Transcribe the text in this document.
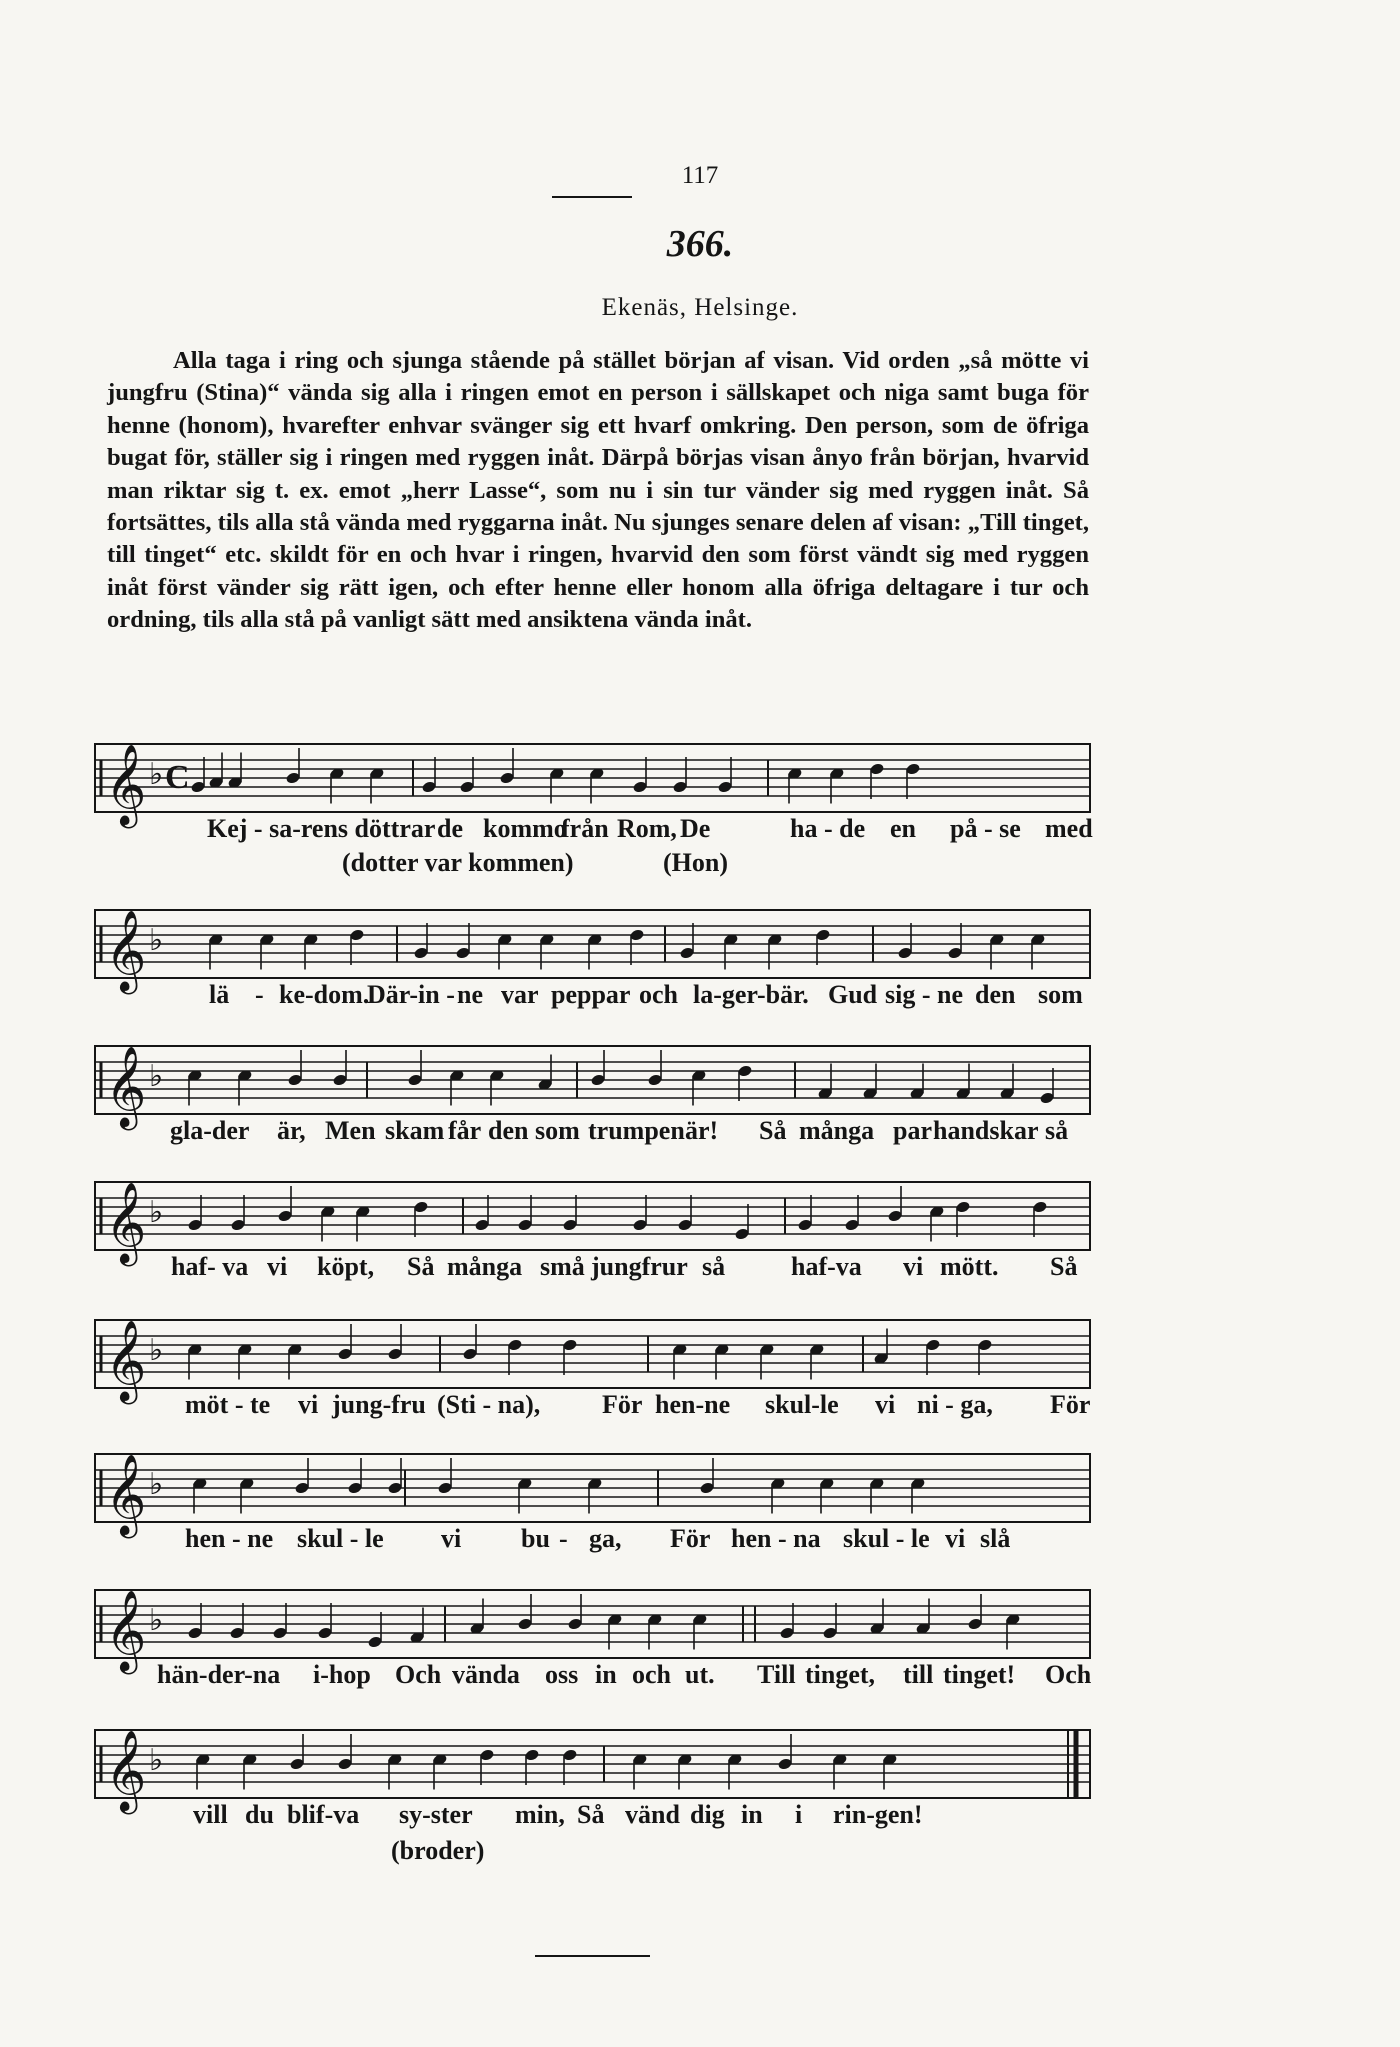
117
366.
Ekenäs, Helsinge.

Alla taga i ring och sjunga stående på stället början af visan. Vid orden „så mötte vi jungfru (Stina)“ vända sig alla i ringen emot en person i sällskapet och niga samt buga för henne (honom), hvarefter enhvar svänger sig ett hvarf omkring. Den person, som de öfriga bugat för, ställer sig i ringen med ryggen inåt. Därpå börjas visan ånyo från början, hvarvid man riktar sig t. ex. emot „herr Lasse“, som nu i sin tur vänder sig med ryggen inåt. Så fortsättes, tils alla stå vända med ryggarna inåt. Nu sjunges senare delen af visan: „Till tinget, till tinget“ etc. skildt för en och hvar i ringen, hvarvid den som först vändt sig med ryggen inåt först vänder sig rätt igen, och efter henne eller honom alla öfriga deltagare i tur och ordning, tils alla stå på vanligt sätt med ansiktena vända inåt.

𝄞 ♭ C
Kej - sa-rens döttrar de kommo
från Rom, De	ha - de en på - se med
(dotter var kommen)	(Hon)
𝄞 ♭
lä - ke-dom.
Där-in - ne var peppar och la-ger-bär. Gud sig - ne den som
𝄞 ♭
gla-der är, Men skam får den som trumpen är! Så många par handskar så
𝄞 ♭
haf- va vi köpt, Så många små jungfrur så	haf-va vi mött. Så
𝄞 ♭
möt - te vi jung-fru (Sti - na), För hen-ne skul-le vi ni - ga, För
𝄞 ♭
hen - ne skul - le vi bu - ga, För hen - na skul - le vi slå
𝄞 ♭
hän-der-na i-hop Och vända oss in och ut. Till tinget, till tinget! Och
𝄞 ♭
vill du blif-va sy-ster min, Så vänd dig in i rin-gen!
(broder)
